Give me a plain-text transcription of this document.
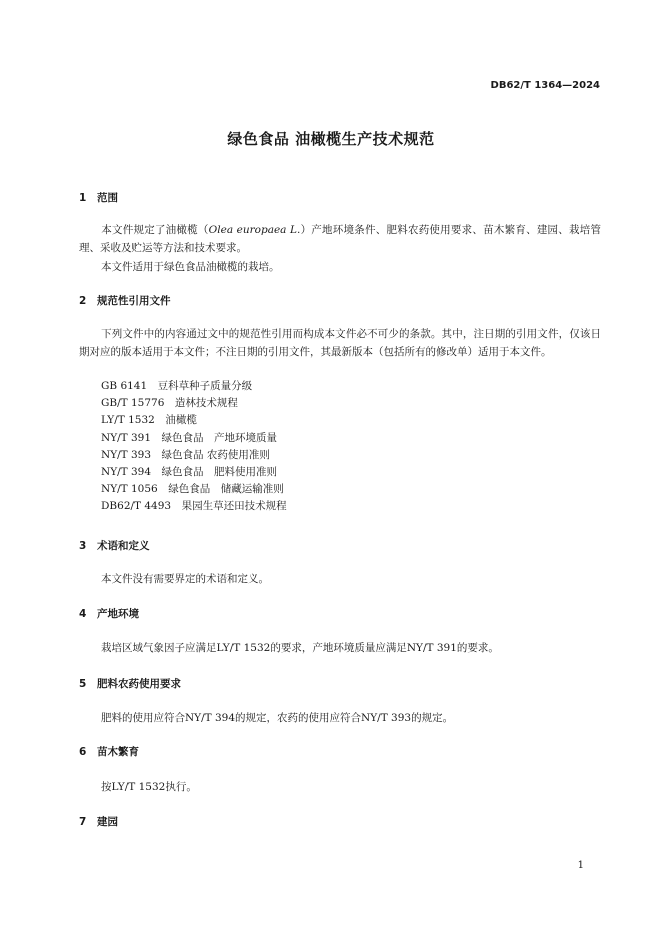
DB62/T 1364—2024
绿色食品 油橄榄生产技术规范
1 范围
本文件规定了油橄榄（Olea europaea L.）产地环境条件、肥料农药使用要求、苗木繁育、建园、栽培管理、采收及贮运等方法和技术要求。
本文件适用于绿色食品油橄榄的栽培。
2 规范性引用文件
下列文件中的内容通过文中的规范性引用而构成本文件必不可少的条款。其中，注日期的引用文件，仅该日期对应的版本适用于本文件；不注日期的引用文件，其最新版本（包括所有的修改单）适用于本文件。
GB 6141　豆科草种子质量分级
GB/T 15776　造林技术规程
LY/T 1532　油橄榄
NY/T 391　绿色食品　产地环境质量
NY/T 393　绿色食品 农药使用准则
NY/T 394　绿色食品　肥料使用准则
NY/T 1056　绿色食品　储藏运输准则
DB62/T 4493　果园生草还田技术规程
3 术语和定义
本文件没有需要界定的术语和定义。
4 产地环境
栽培区域气象因子应满足LY/T 1532的要求，产地环境质量应满足NY/T 391的要求。
5 肥料农药使用要求
肥料的使用应符合NY/T 394的规定，农药的使用应符合NY/T 393的规定。
6 苗木繁育
按LY/T 1532执行。
7 建园
1
